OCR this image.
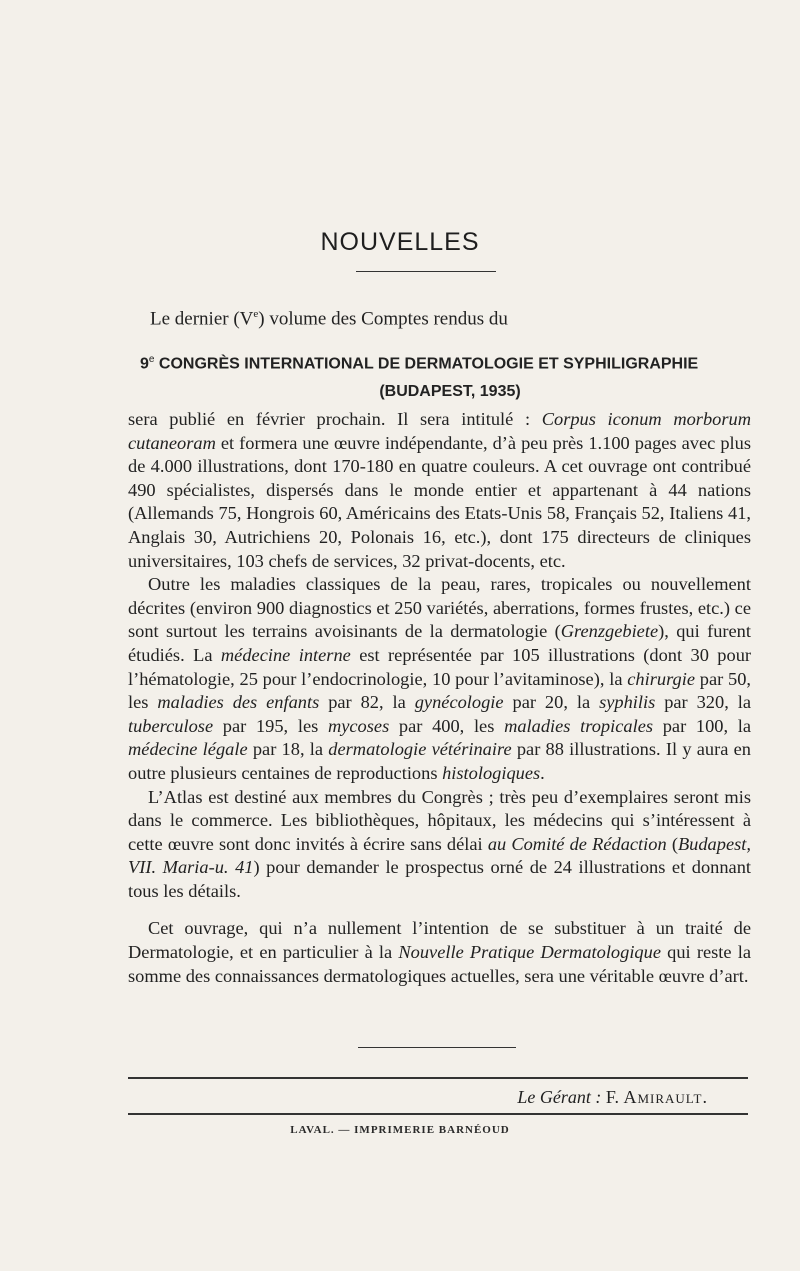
NOUVELLES
Le dernier (Ve) volume des Comptes rendus du
9e CONGRÈS INTERNATIONAL DE DERMATOLOGIE ET SYPHILIGRAPHIE
(BUDAPEST, 1935)

sera publié en février prochain. Il sera intitulé : Corpus iconum morborum cutaneoram et formera une œuvre indépendante, d’à peu près 1.100 pages avec plus de 4.000 illustrations, dont 170-180 en quatre couleurs. A cet ouvrage ont contribué 490 spécialistes, dispersés dans le monde entier et appartenant à 44 nations (Allemands 75, Hongrois 60, Américains des Etats-Unis 58, Français 52, Italiens 41, Anglais 30, Autrichiens 20, Polonais 16, etc.), dont 175 directeurs de cliniques universitaires, 103 chefs de services, 32 privat-docents, etc.

Outre les maladies classiques de la peau, rares, tropicales ou nouvellement décrites (environ 900 diagnostics et 250 variétés, aberrations, formes frustes, etc.) ce sont surtout les terrains avoisinants de la dermatologie (Grenzgebiete), qui furent étudiés. La médecine interne est représentée par 105 illustrations (dont 30 pour l’hématologie, 25 pour l’endocrinologie, 10 pour l’avitaminose), la chirurgie par 50, les maladies des enfants par 82, la gynécologie par 20, la syphilis par 320, la tuberculose par 195, les mycoses par 400, les maladies tropicales par 100, la médecine légale par 18, la dermatologie vétérinaire par 88 illustrations. Il y aura en outre plusieurs centaines de reproductions histologiques.

L’Atlas est destiné aux membres du Congrès ; très peu d’exemplaires seront mis dans le commerce. Les bibliothèques, hôpitaux, les médecins qui s’intéressent à cette œuvre sont donc invités à écrire sans délai au Comité de Rédaction (Budapest, VII. Maria-u. 41) pour demander le prospectus orné de 24 illustrations et donnant tous les détails.

Cet ouvrage, qui n’a nullement l’intention de se substituer à un traité de Dermatologie, et en particulier à la Nouvelle Pratique Dermatologique qui reste la somme des connaissances dermatologiques actuelles, sera une véritable œuvre d’art.

Le Gérant : F. Amirault.
LAVAL. — IMPRIMERIE BARNÉOUD
